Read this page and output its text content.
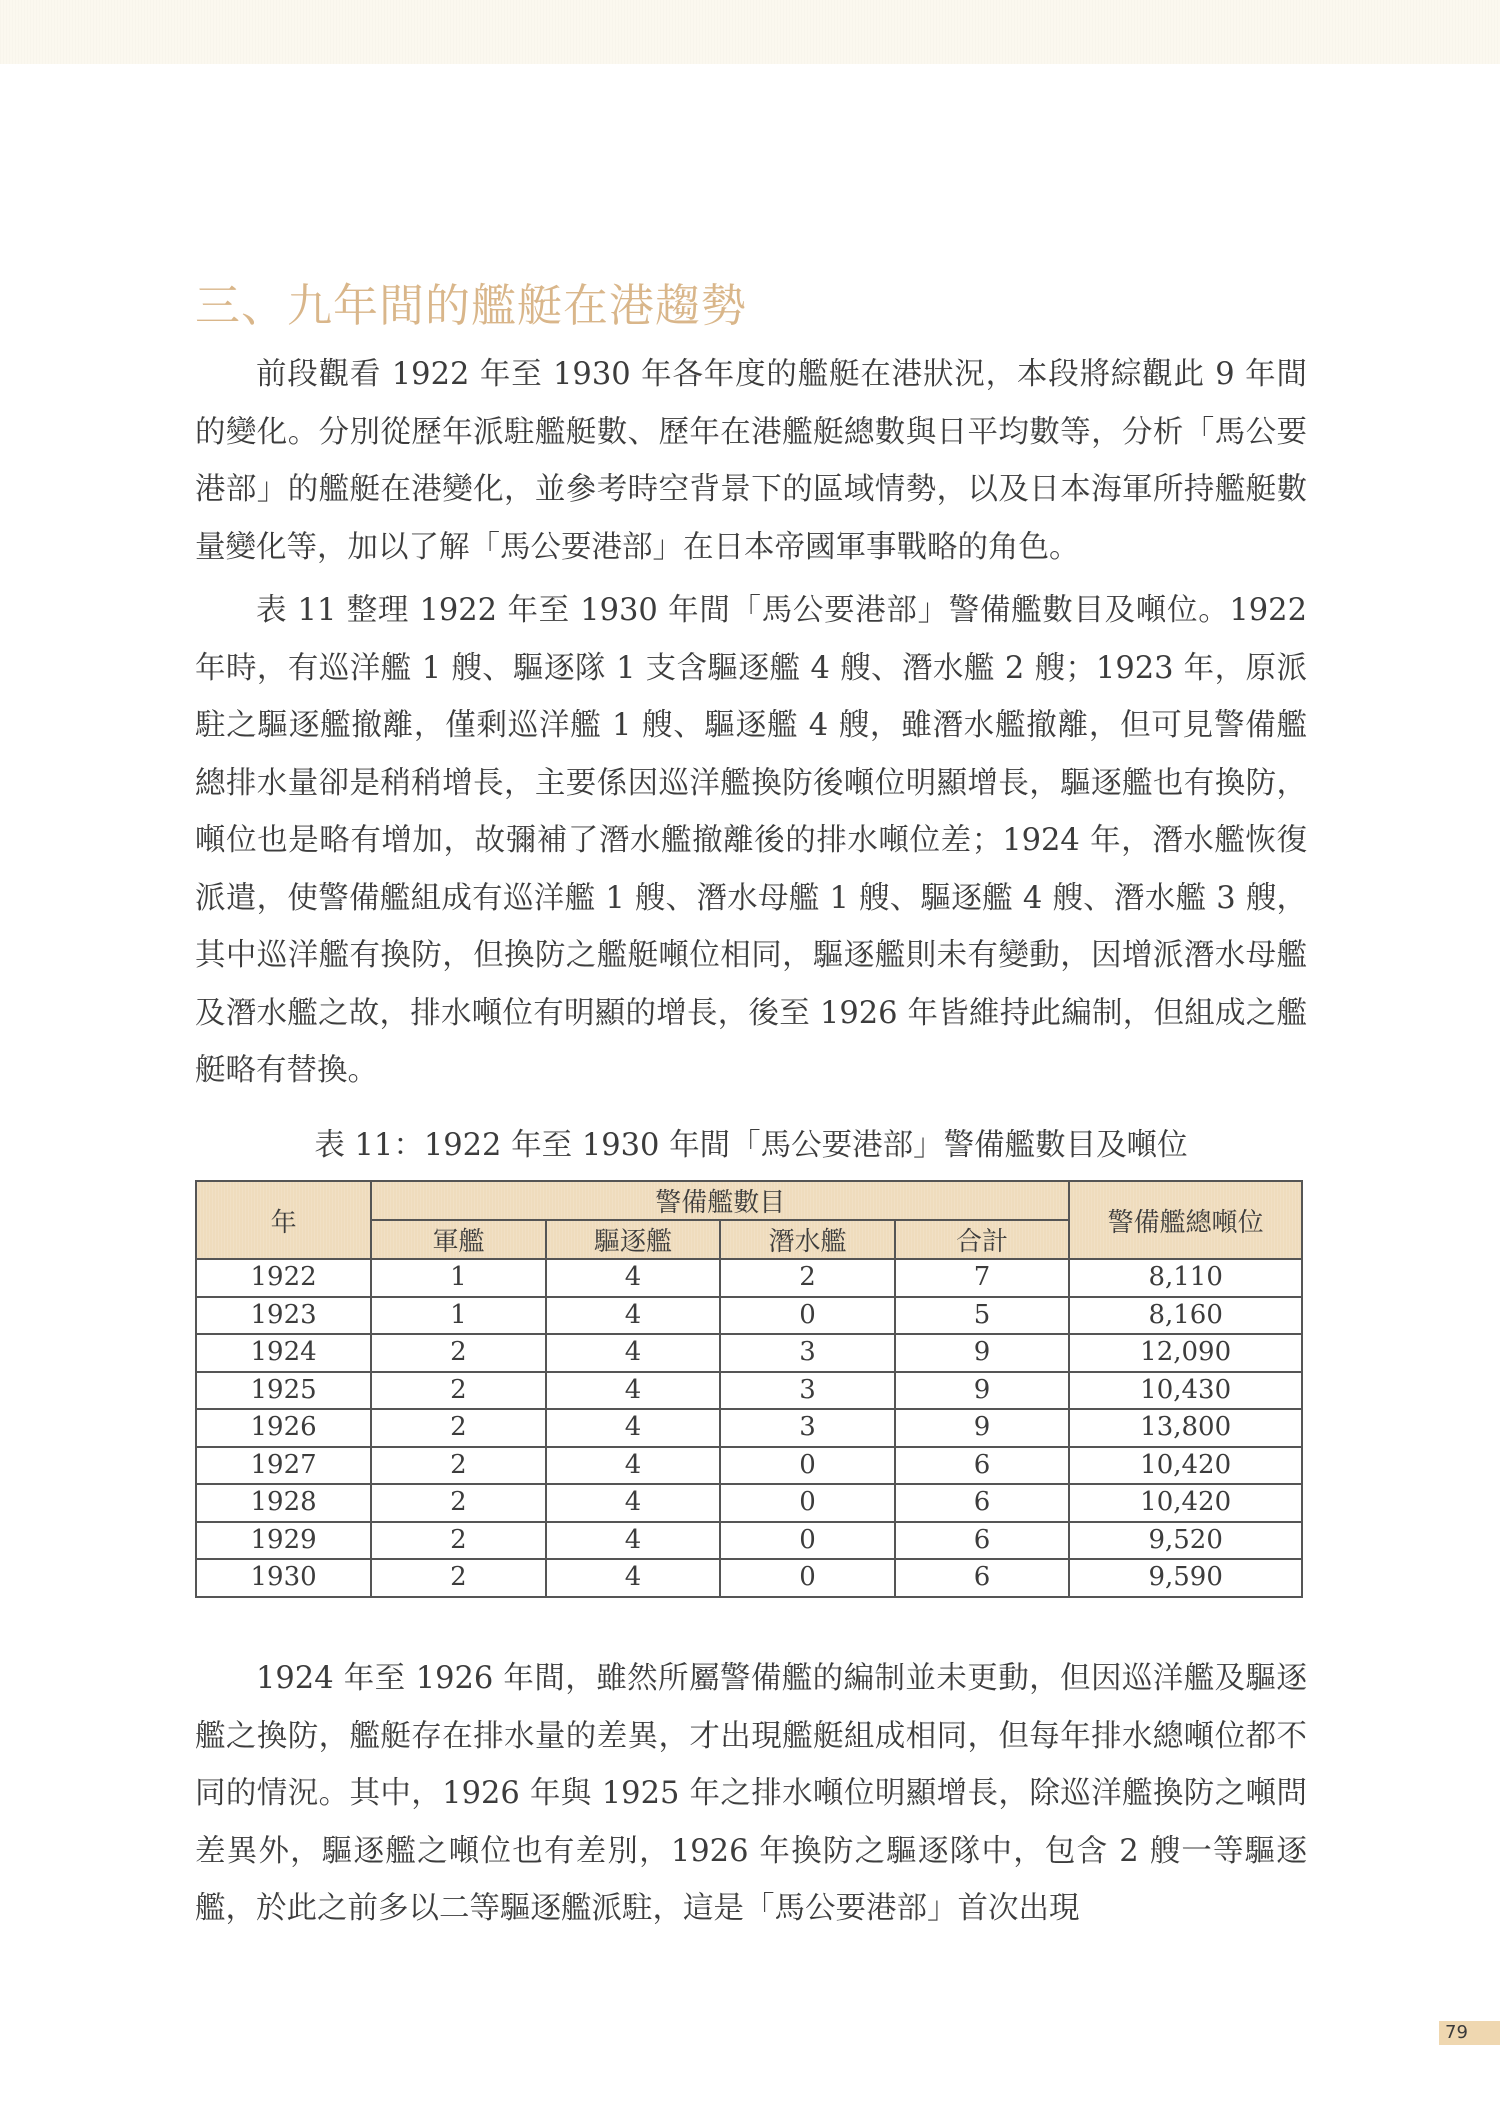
三、九年間的艦艇在港趨勢

前段觀看 1922 年至 1930 年各年度的艦艇在港狀況，本段將綜觀此 9 年間的變化。分別從歷年派駐艦艇數、歷年在港艦艇總數與日平均數等，分析「馬公要港部」的艦艇在港變化，並參考時空背景下的區域情勢，以及日本海軍所持艦艇數量變化等，加以了解「馬公要港部」在日本帝國軍事戰略的角色。

表 11 整理 1922 年至 1930 年間「馬公要港部」警備艦數目及噸位。1922 年時，有巡洋艦 1 艘、驅逐隊 1 支含驅逐艦 4 艘、潛水艦 2 艘；1923 年，原派駐之驅逐艦撤離，僅剩巡洋艦 1 艘、驅逐艦 4 艘，雖潛水艦撤離，但可見警備艦總排水量卻是稍稍增長，主要係因巡洋艦換防後噸位明顯增長，驅逐艦也有換防，噸位也是略有增加，故彌補了潛水艦撤離後的排水噸位差；1924 年，潛水艦恢復派遣，使警備艦組成有巡洋艦 1 艘、潛水母艦 1 艘、驅逐艦 4 艘、潛水艦 3 艘，其中巡洋艦有換防，但換防之艦艇噸位相同，驅逐艦則未有變動，因增派潛水母艦及潛水艦之故，排水噸位有明顯的增長，後至 1926 年皆維持此編制，但組成之艦艇略有替換。

表 11：1922 年至 1930 年間「馬公要港部」警備艦數目及噸位

年	警備艦數目				警備艦總噸位
	軍艦	驅逐艦	潛水艦	合計	
1922	1	4	2	7	8,110
1923	1	4	0	5	8,160
1924	2	4	3	9	12,090
1925	2	4	3	9	10,430
1926	2	4	3	9	13,800
1927	2	4	0	6	10,420
1928	2	4	0	6	10,420
1929	2	4	0	6	9,520
1930	2	4	0	6	9,590

1924 年至 1926 年間，雖然所屬警備艦的編制並未更動，但因巡洋艦及驅逐艦之換防，艦艇存在排水量的差異，才出現艦艇組成相同，但每年排水總噸位都不同的情況。其中，1926 年與 1925 年之排水噸位明顯增長，除巡洋艦換防之噸問差異外，驅逐艦之噸位也有差別，1926 年換防之驅逐隊中，包含 2 艘一等驅逐艦，於此之前多以二等驅逐艦派駐，這是「馬公要港部」首次出現

79
